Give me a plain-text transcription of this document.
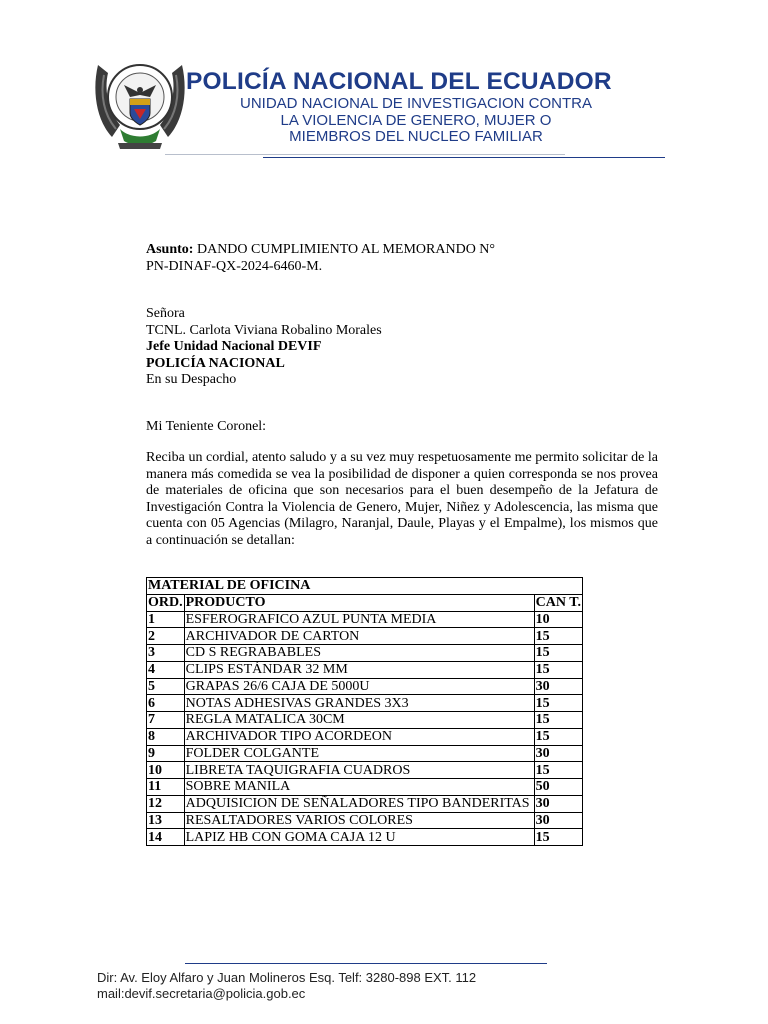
POLICÍA NACIONAL DEL ECUADOR
UNIDAD NACIONAL DE INVESTIGACION CONTRA
LA VIOLENCIA DE GENERO, MUJER O
MIEMBROS DEL NUCLEO FAMILIAR
Asunto: DANDO CUMPLIMIENTO AL MEMORANDO N°
PN-DINAF-QX-2024-6460-M.
Señora
TCNL. Carlota Viviana Robalino Morales
Jefe Unidad Nacional DEVIF
POLICÍA NACIONAL
En su Despacho
Mi Teniente Coronel:
Reciba un cordial, atento saludo y a su vez muy respetuosamente me permito solicitar de la manera más comedida se vea la posibilidad de disponer a quien corresponda se nos provea de materiales de oficina que son necesarios para el buen desempeño de la Jefatura de Investigación Contra la Violencia de Genero, Mujer, Niñez y Adolescencia, las misma que cuenta con 05 Agencias (Milagro, Naranjal, Daule, Playas y el Empalme), los mismos que a continuación se detallan:
MATERIAL DE OFICINA		
ORD.	PRODUCTO	CAN T.
1	ESFEROGRAFICO AZUL PUNTA MEDIA	10
2	ARCHIVADOR DE CARTON	15
3	CD S REGRABABLES	15
4	CLIPS ESTÁNDAR 32 MM	15
5	GRAPAS 26/6 CAJA DE 5000U	30
6	NOTAS ADHESIVAS GRANDES 3X3	15
7	REGLA MATALICA 30CM	15
8	ARCHIVADOR TIPO ACORDEON	15
9	FOLDER COLGANTE	30
10	LIBRETA TAQUIGRAFIA CUADROS	15
11	SOBRE MANILA	50
12	ADQUISICION DE SEÑALADORES TIPO BANDERITAS	30
13	RESALTADORES VARIOS COLORES	30
14	LAPIZ HB CON GOMA CAJA 12 U	15
Dir: Av. Eloy Alfaro y Juan Molineros Esq. Telf: 3280-898 EXT. 112
mail:devif.secretaria@policia.gob.ec
